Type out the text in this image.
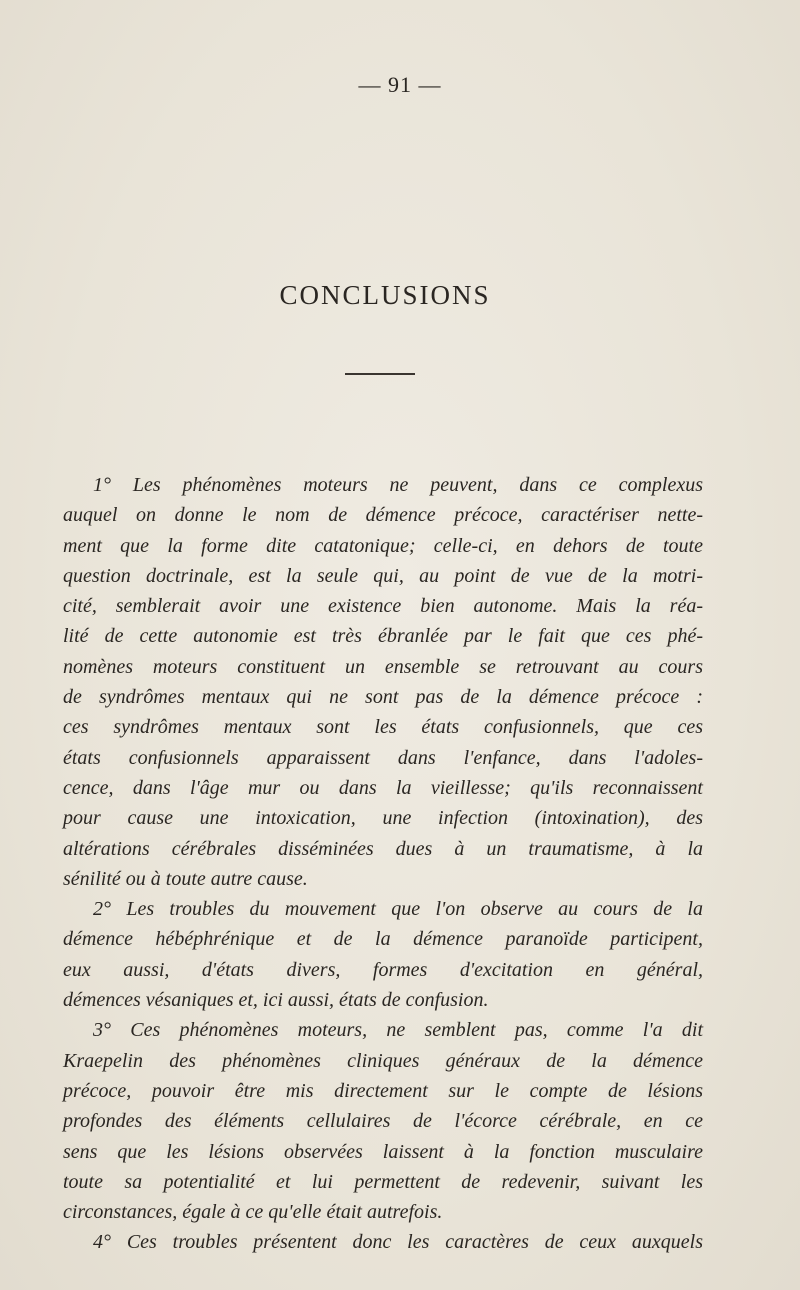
— 91 —
CONCLUSIONS
1° Les phénomènes moteurs ne peuvent, dans ce complexus
auquel on donne le nom de démence précoce, caractériser nette-
ment que la forme dite catatonique; celle-ci, en dehors de toute
question doctrinale, est la seule qui, au point de vue de la motri-
cité, semblerait avoir une existence bien autonome. Mais la réa-
lité de cette autonomie est très ébranlée par le fait que ces phé-
nomènes moteurs constituent un ensemble se retrouvant au cours
de syndrômes mentaux qui ne sont pas de la démence précoce :
ces syndrômes mentaux sont les états confusionnels, que ces
états confusionnels apparaissent dans l'enfance, dans l'adoles-
cence, dans l'âge mur ou dans la vieillesse; qu'ils reconnaissent
pour cause une intoxication, une infection (intoxination), des
altérations cérébrales disséminées dues à un traumatisme, à la
sénilité ou à toute autre cause.
2° Les troubles du mouvement que l'on observe au cours de la
démence hébéphrénique et de la démence paranoïde participent,
eux aussi, d'états divers, formes d'excitation en général,
démences vésaniques et, ici aussi, états de confusion.
3° Ces phénomènes moteurs, ne semblent pas, comme l'a dit
Kraepelin des phénomènes cliniques généraux de la démence
précoce, pouvoir être mis directement sur le compte de lésions
profondes des éléments cellulaires de l'écorce cérébrale, en ce
sens que les lésions observées laissent à la fonction musculaire
toute sa potentialité et lui permettent de redevenir, suivant les
circonstances, égale à ce qu'elle était autrefois.
4° Ces troubles présentent donc les caractères de ceux auxquels
